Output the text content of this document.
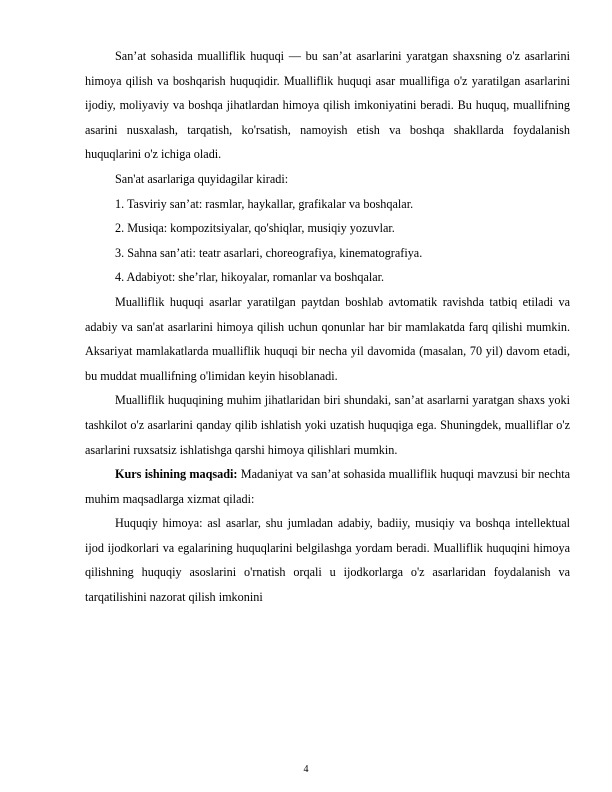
San’at sohasida mualliflik huquqi — bu san’at asarlarini yaratgan shaxsning o'z asarlarini himoya qilish va boshqarish huquqidir. Mualliflik huquqi asar muallifiga o'z yaratilgan asarlarini ijodiy, moliyaviy va boshqa jihatlardan himoya qilish imkoniyatini beradi. Bu huquq, muallifning asarini nusxalash, tarqatish, ko'rsatish, namoyish etish va boshqa shakllarda foydalanish huquqlarini o'z ichiga oladi.

San'at asarlariga quyidagilar kiradi:

1. Tasviriy san’at: rasmlar, haykallar, grafikalar va boshqalar.

2. Musiqa: kompozitsiyalar, qo'shiqlar, musiqiy yozuvlar.

3. Sahna san’ati: teatr asarlari, choreografiya, kinematografiya.

4. Adabiyot: she’rlar, hikoyalar, romanlar va boshqalar.

Mualliflik huquqi asarlar yaratilgan paytdan boshlab avtomatik ravishda tatbiq etiladi va adabiy va san'at asarlarini himoya qilish uchun qonunlar har bir mamlakatda farq qilishi mumkin. Aksariyat mamlakatlarda mualliflik huquqi bir necha yil davomida (masalan, 70 yil) davom etadi, bu muddat muallifning o'limidan keyin hisoblanadi.

Mualliflik huquqining muhim jihatlaridan biri shundaki, san’at asarlarni yaratgan shaxs yoki tashkilot o'z asarlarini qanday qilib ishlatish yoki uzatish huquqiga ega. Shuningdek, mualliflar o'z asarlarini ruxsatsiz ishlatishga qarshi himoya qilishlari mumkin.

Kurs ishining maqsadi: Madaniyat va san’at sohasida mualliflik huquqi mavzusi bir nechta muhim maqsadlarga xizmat qiladi:

Huquqiy himoya: asl asarlar, shu jumladan adabiy, badiiy, musiqiy va boshqa intellektual ijod ijodkorlari va egalarining huquqlarini belgilashga yordam beradi. Mualliflik huquqini himoya qilishning huquqiy asoslarini o'rnatish orqali u ijodkorlarga o'z asarlaridan foydalanish va tarqatilishini nazorat qilish imkonini

4
